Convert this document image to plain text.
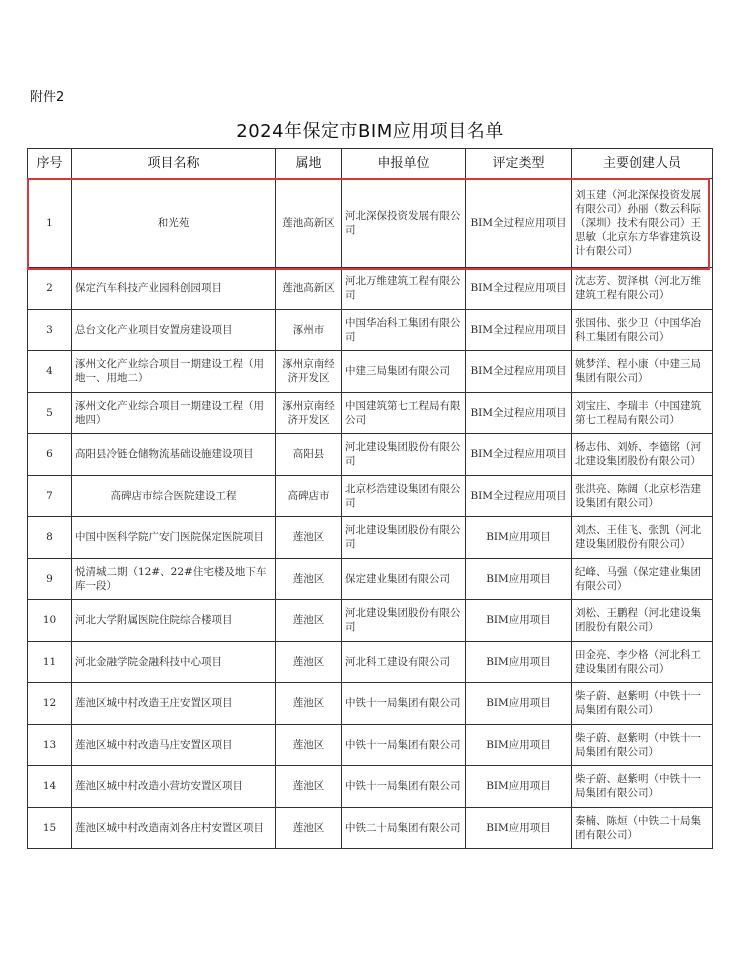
附件2
2024年保定市BIM应用项目名单
序号	项目名称	属地	申报单位	评定类型	主要创建人员
1	和光苑	莲池高新区	河北深保投资发展有限公司	BIM全过程应用项目	刘玉建（河北深保投资发展有限公司）孙丽（数云科际（深圳）技术有限公司）王思敏（北京东方华睿建筑设计有限公司）
2	保定汽车科技产业园科创园项目	莲池高新区	河北万维建筑工程有限公司	BIM全过程应用项目	沈志芳、贺泽棋（河北万维建筑工程有限公司）
3	总台文化产业项目安置房建设项目	涿州市	中国华冶科工集团有限公司	BIM全过程应用项目	张国伟、张少卫（中国华冶科工集团有限公司）
4	涿州文化产业综合项目一期建设工程（用地一、用地二）	涿州京南经济开发区	中建三局集团有限公司	BIM全过程应用项目	姚梦洋、程小康（中建三局集团有限公司）
5	涿州文化产业综合项目一期建设工程（用地四）	涿州京南经济开发区	中国建筑第七工程局有限公司	BIM全过程应用项目	刘宝庄、李瑞丰（中国建筑第七工程局有限公司）
6	高阳县冷链仓储物流基础设施建设项目	高阳县	河北建设集团股份有限公司	BIM全过程应用项目	杨志伟、刘娇、李德铭（河北建设集团股份有限公司）
7	高碑店市综合医院建设工程	高碑店市	北京杉浩建设集团有限公司	BIM全过程应用项目	张洪亮、陈阔（北京杉浩建设集团有限公司）
8	中国中医科学院广安门医院保定医院项目	莲池区	河北建设集团股份有限公司	BIM应用项目	刘杰、王佳飞、张凯（河北建设集团股份有限公司）
9	悦清城二期（12#、22#住宅楼及地下车库一段）	莲池区	保定建业集团有限公司	BIM应用项目	纪峰、马强（保定建业集团有限公司）
10	河北大学附属医院住院综合楼项目	莲池区	河北建设集团股份有限公司	BIM应用项目	刘松、王鹏程（河北建设集团股份有限公司）
11	河北金融学院金融科技中心项目	莲池区	河北科工建设有限公司	BIM应用项目	田金亮、李少格（河北科工建设集团有限公司）
12	莲池区城中村改造王庄安置区项目	莲池区	中铁十一局集团有限公司	BIM应用项目	柴子蔚、赵紫明（中铁十一局集团有限公司）
13	莲池区城中村改造马庄安置区项目	莲池区	中铁十一局集团有限公司	BIM应用项目	柴子蔚、赵紫明（中铁十一局集团有限公司）
14	莲池区城中村改造小营坊安置区项目	莲池区	中铁十一局集团有限公司	BIM应用项目	柴子蔚、赵紫明（中铁十一局集团有限公司）
15	莲池区城中村改造南刘各庄村安置区项目	莲池区	中铁二十局集团有限公司	BIM应用项目	秦楠、陈烜（中铁二十局集团有限公司）
